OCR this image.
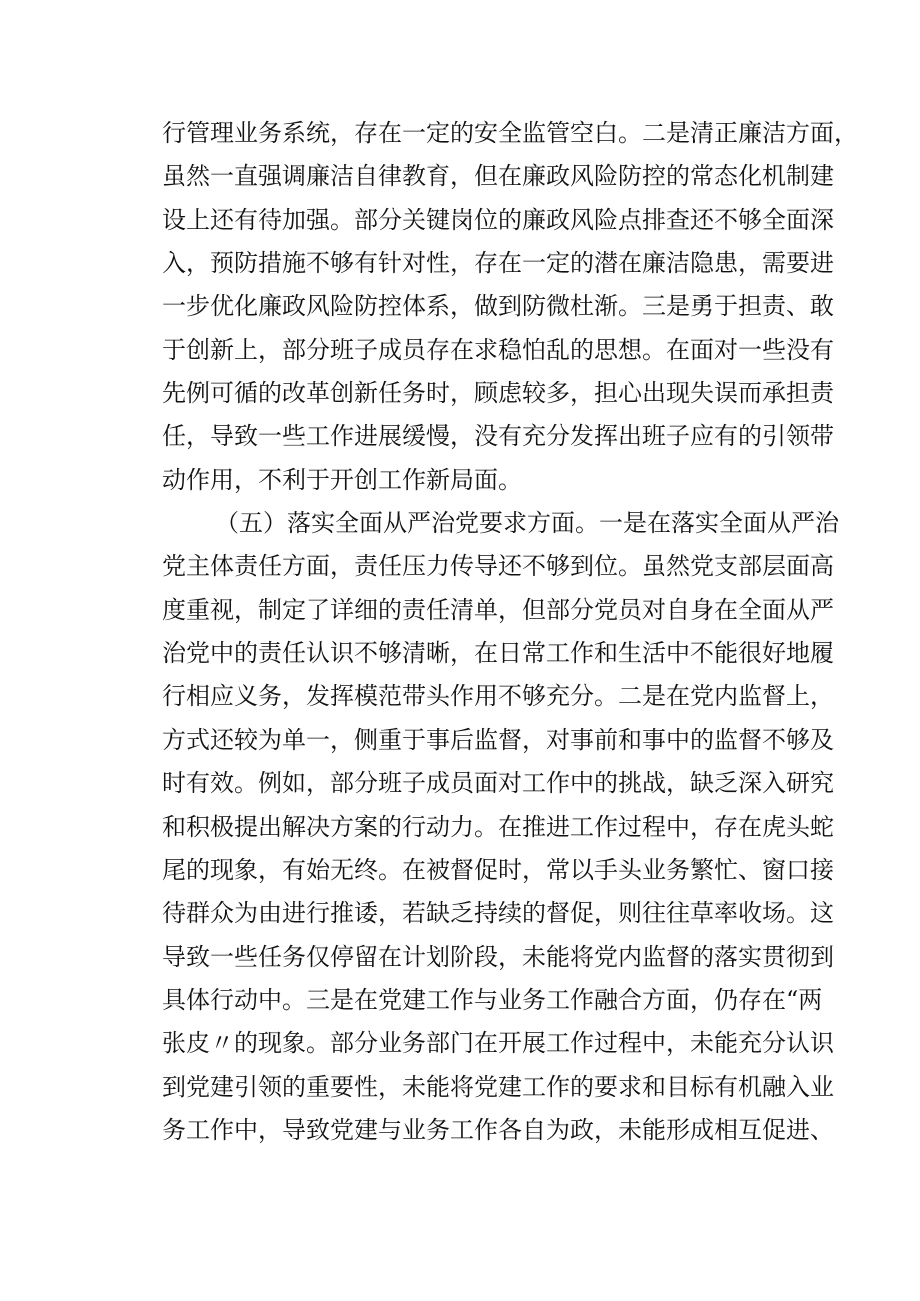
行管理业务系统，存在一定的安全监管空白。二是清正廉洁方面，
虽然一直强调廉洁自律教育，但在廉政风险防控的常态化机制建
设上还有待加强。部分关键岗位的廉政风险点排查还不够全面深
入，预防措施不够有针对性，存在一定的潜在廉洁隐患，需要进
一步优化廉政风险防控体系，做到防微杜渐。三是勇于担责、敢
于创新上，部分班子成员存在求稳怕乱的思想。在面对一些没有
先例可循的改革创新任务时，顾虑较多，担心出现失误而承担责
任，导致一些工作进展缓慢，没有充分发挥出班子应有的引领带
动作用，不利于开创工作新局面。
（五）落实全面从严治党要求方面。一是在落实全面从严治
党主体责任方面，责任压力传导还不够到位。虽然党支部层面高
度重视，制定了详细的责任清单，但部分党员对自身在全面从严
治党中的责任认识不够清晰，在日常工作和生活中不能很好地履
行相应义务，发挥模范带头作用不够充分。二是在党内监督上，
方式还较为单一，侧重于事后监督，对事前和事中的监督不够及
时有效。例如，部分班子成员面对工作中的挑战，缺乏深入研究
和积极提出解决方案的行动力。在推进工作过程中，存在虎头蛇
尾的现象，有始无终。在被督促时，常以手头业务繁忙、窗口接
待群众为由进行推诿，若缺乏持续的督促，则往往草率收场。这
导致一些任务仅停留在计划阶段，未能将党内监督的落实贯彻到
具体行动中。三是在党建工作与业务工作融合方面，仍存在“两
张皮〃的现象。部分业务部门在开展工作过程中，未能充分认识
到党建引领的重要性，未能将党建工作的要求和目标有机融入业
务工作中，导致党建与业务工作各自为政，未能形成相互促进、
